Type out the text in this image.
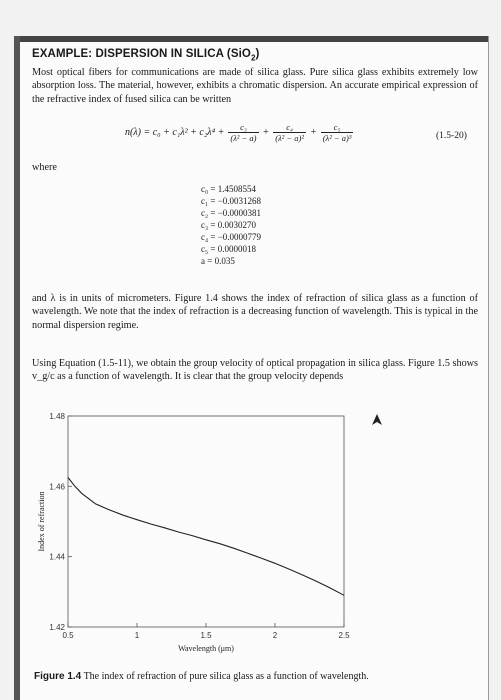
EXAMPLE: DISPERSION IN SILICA (SiO$_2$)
Most optical fibers for communications are made of silica glass. Pure silica glass exhibits extremely low absorption loss. The material, however, exhibits a chromatic dispersion. An accurate empirical expression of the refractive index of fused silica can be written
$n(\lambda) = c_0 + c_1\lambda^2 + c_2\lambda^4 + \frac{\text{c₃}}{\text{(λ² − a)}} + \frac{\text{c₄}}{\text{(λ² − a)²}} + \frac{\text{c₅}}{\text{(λ² − a)³}}$	(1.5-20)
where
c₀ = 1.4508554
c₁ = −0.0031268
c₂ = −0.0000381
c₃ = 0.0030270
c₄ = −0.0000779
c₅ = 0.0000018
a = 0.035
and λ is in units of micrometers. Figure 1.4 shows the index of refraction of silica glass as a function of wavelength. We note that the index of refraction is a decreasing function of wavelength. This is typical in the normal dispersion regime.
Using Equation (1.5-11), we obtain the group velocity of optical propagation in silica glass. Figure 1.5 shows v_g/c as a function of wavelength. It is clear that the group velocity depends
0.5	1	1.5	2	2.5
1.42
1.44
1.46
1.48
Wavelength (μm)
Index of refraction
Figure 1.4 The index of refraction of pure silica glass as a function of wavelength.
